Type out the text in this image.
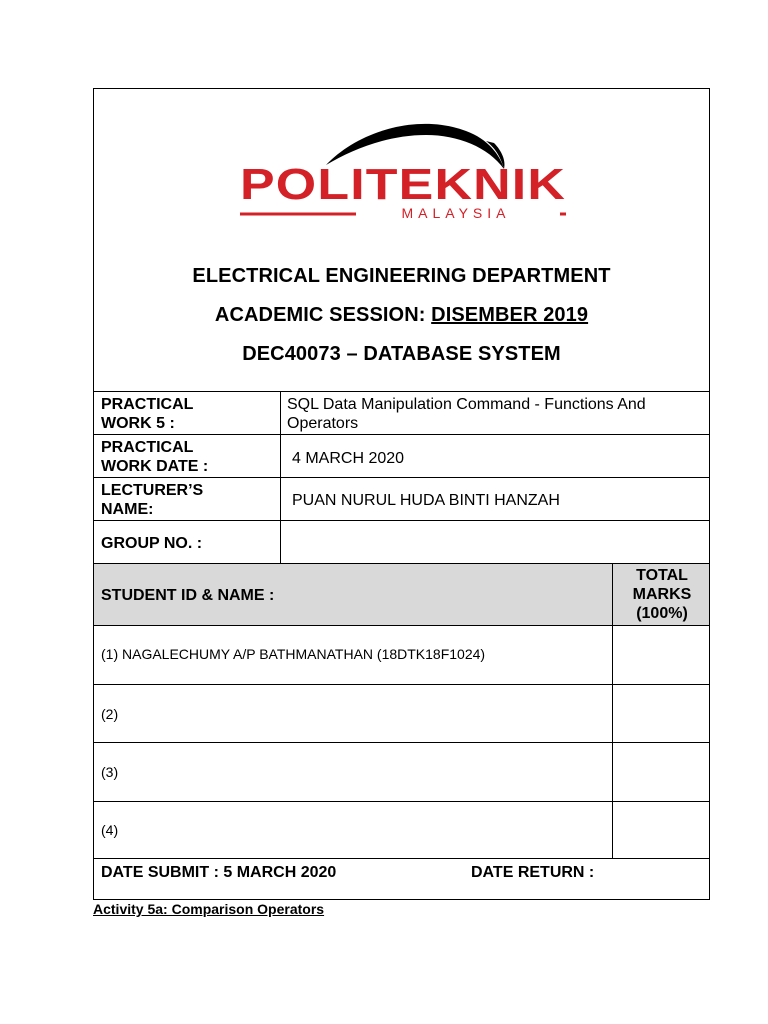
POLITEKNIK
MALAYSIA
ELECTRICAL ENGINEERING DEPARTMENT
ACADEMIC SESSION: DISEMBER 2019
DEC40073 – DATABASE SYSTEM
PRACTICAL
WORK 5 :
SQL Data Manipulation Command - Functions And Operators
PRACTICAL
WORK DATE :	4 MARCH 2020
LECTURER’S
NAME:
PUAN NURUL HUDA BINTI HANZAH
GROUP NO. :
STUDENT ID & NAME :
TOTAL
MARKS
(100%)
(1) NAGALECHUMY A/P BATHMANATHAN (18DTK18F1024)
(2)
(3)
(4)
DATE SUBMIT : 5 MARCH 2020	DATE RETURN :
Activity 5a: Comparison Operators
